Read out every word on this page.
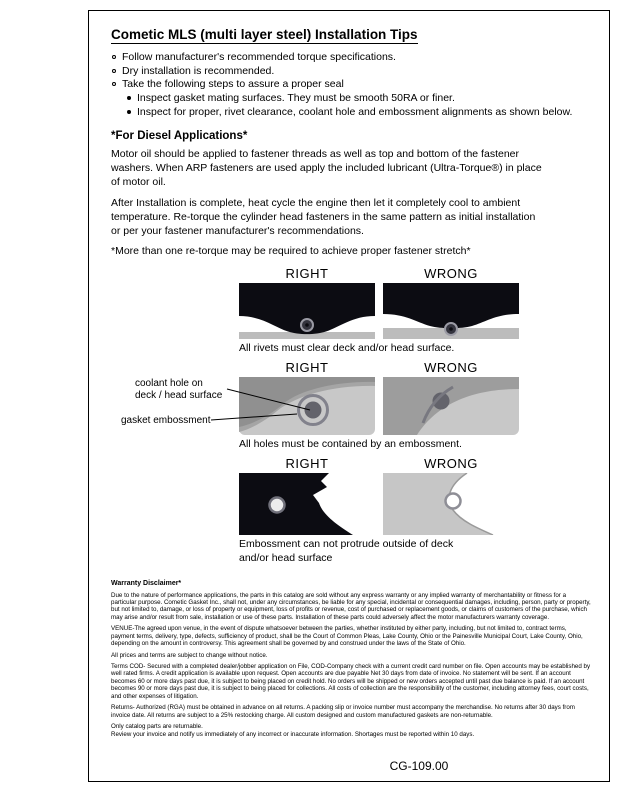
Cometic MLS (multi layer steel) Installation Tips
Follow manufacturer's recommended torque specifications.
Dry installation is recommended.
Take the following steps to assure a proper seal
Inspect gasket mating surfaces. They must be smooth 50RA or finer.
Inspect for proper, rivet clearance, coolant hole and embossment alignments as shown below.
*For Diesel Applications*

Motor oil should be applied to fastener threads as well as top and bottom of the fastener washers. When ARP fasteners are used apply the included lubricant (Ultra-Torque®) in place of motor oil.

After Installation is complete, heat cycle the engine then let it completely cool to ambient temperature. Re-torque the cylinder head fasteners in the same pattern as initial installation or per your fastener manufacturer's recommendations.

*More than one re-torque may be required to achieve proper fastener stretch*

RIGHT	WRONG
All rivets must clear deck and/or head surface.
RIGHT	WRONG
All holes must be contained by an embossment.
coolant hole on
deck / head surface
gasket embossment
RIGHT	WRONG
Embossment can not protrude outside of deck and/or head surface
Warranty Disclaimer*

Due to the nature of performance applications, the parts in this catalog are sold without any express warranty or any implied warranty of merchantability or fitness for a particular purpose. Cometic Gasket Inc., shall not, under any circumstances, be liable for any special, incidental or consequential damages, including, person, party or property, but not limited to, damage, or loss of property or equipment, loss of profits or revenue, cost of purchased or replacement goods, or claims of customers of the purchase, which may arise and/or result from sale, installation or use of these parts. Installation of these parts could adversely affect the motor manufacturers warranty coverage.

VENUE-The agreed upon venue, in the event of dispute whatsoever between the parties, whether instituted by either party, including, but not limited to, contract terms, payment terms, delivery, type, defects, sufficiency of product, shall be the Court of Common Pleas, Lake County, Ohio or the Painesville Municipal Court, Lake County, Ohio, depending on the amount in controversy. This agreement shall be governed by and construed under the laws of the State of Ohio.

All prices and terms are subject to change without notice.

Terms COD- Secured with a completed dealer/jobber application on File, COD-Company check with a current credit card number on file. Open accounts may be established by well rated firms. A credit application is available upon request. Open accounts are due payable Net 30 days from date of invoice. No statement will be sent. If an account becomes 60 or more days past due, it is subject to being placed on credit hold. No orders will be shipped or new orders accepted until past due balance is paid. If an account becomes 90 or more days past due, it is subject to being placed for collections. All costs of collection are the responsibility of the customer, including attorney fees, court costs, and other expenses of litigation.

Returns- Authorized (RGA) must be obtained in advance on all returns. A packing slip or invoice number must accompany the merchandise. No returns after 30 days from invoice date. All returns are subject to a 25% restocking charge. All custom designed and custom manufactured gaskets are non-returnable.

Only catalog parts are returnable.

Review your invoice and notify us immediately of any incorrect or inaccurate information. Shortages must be reported within 10 days.

CG-109.00
